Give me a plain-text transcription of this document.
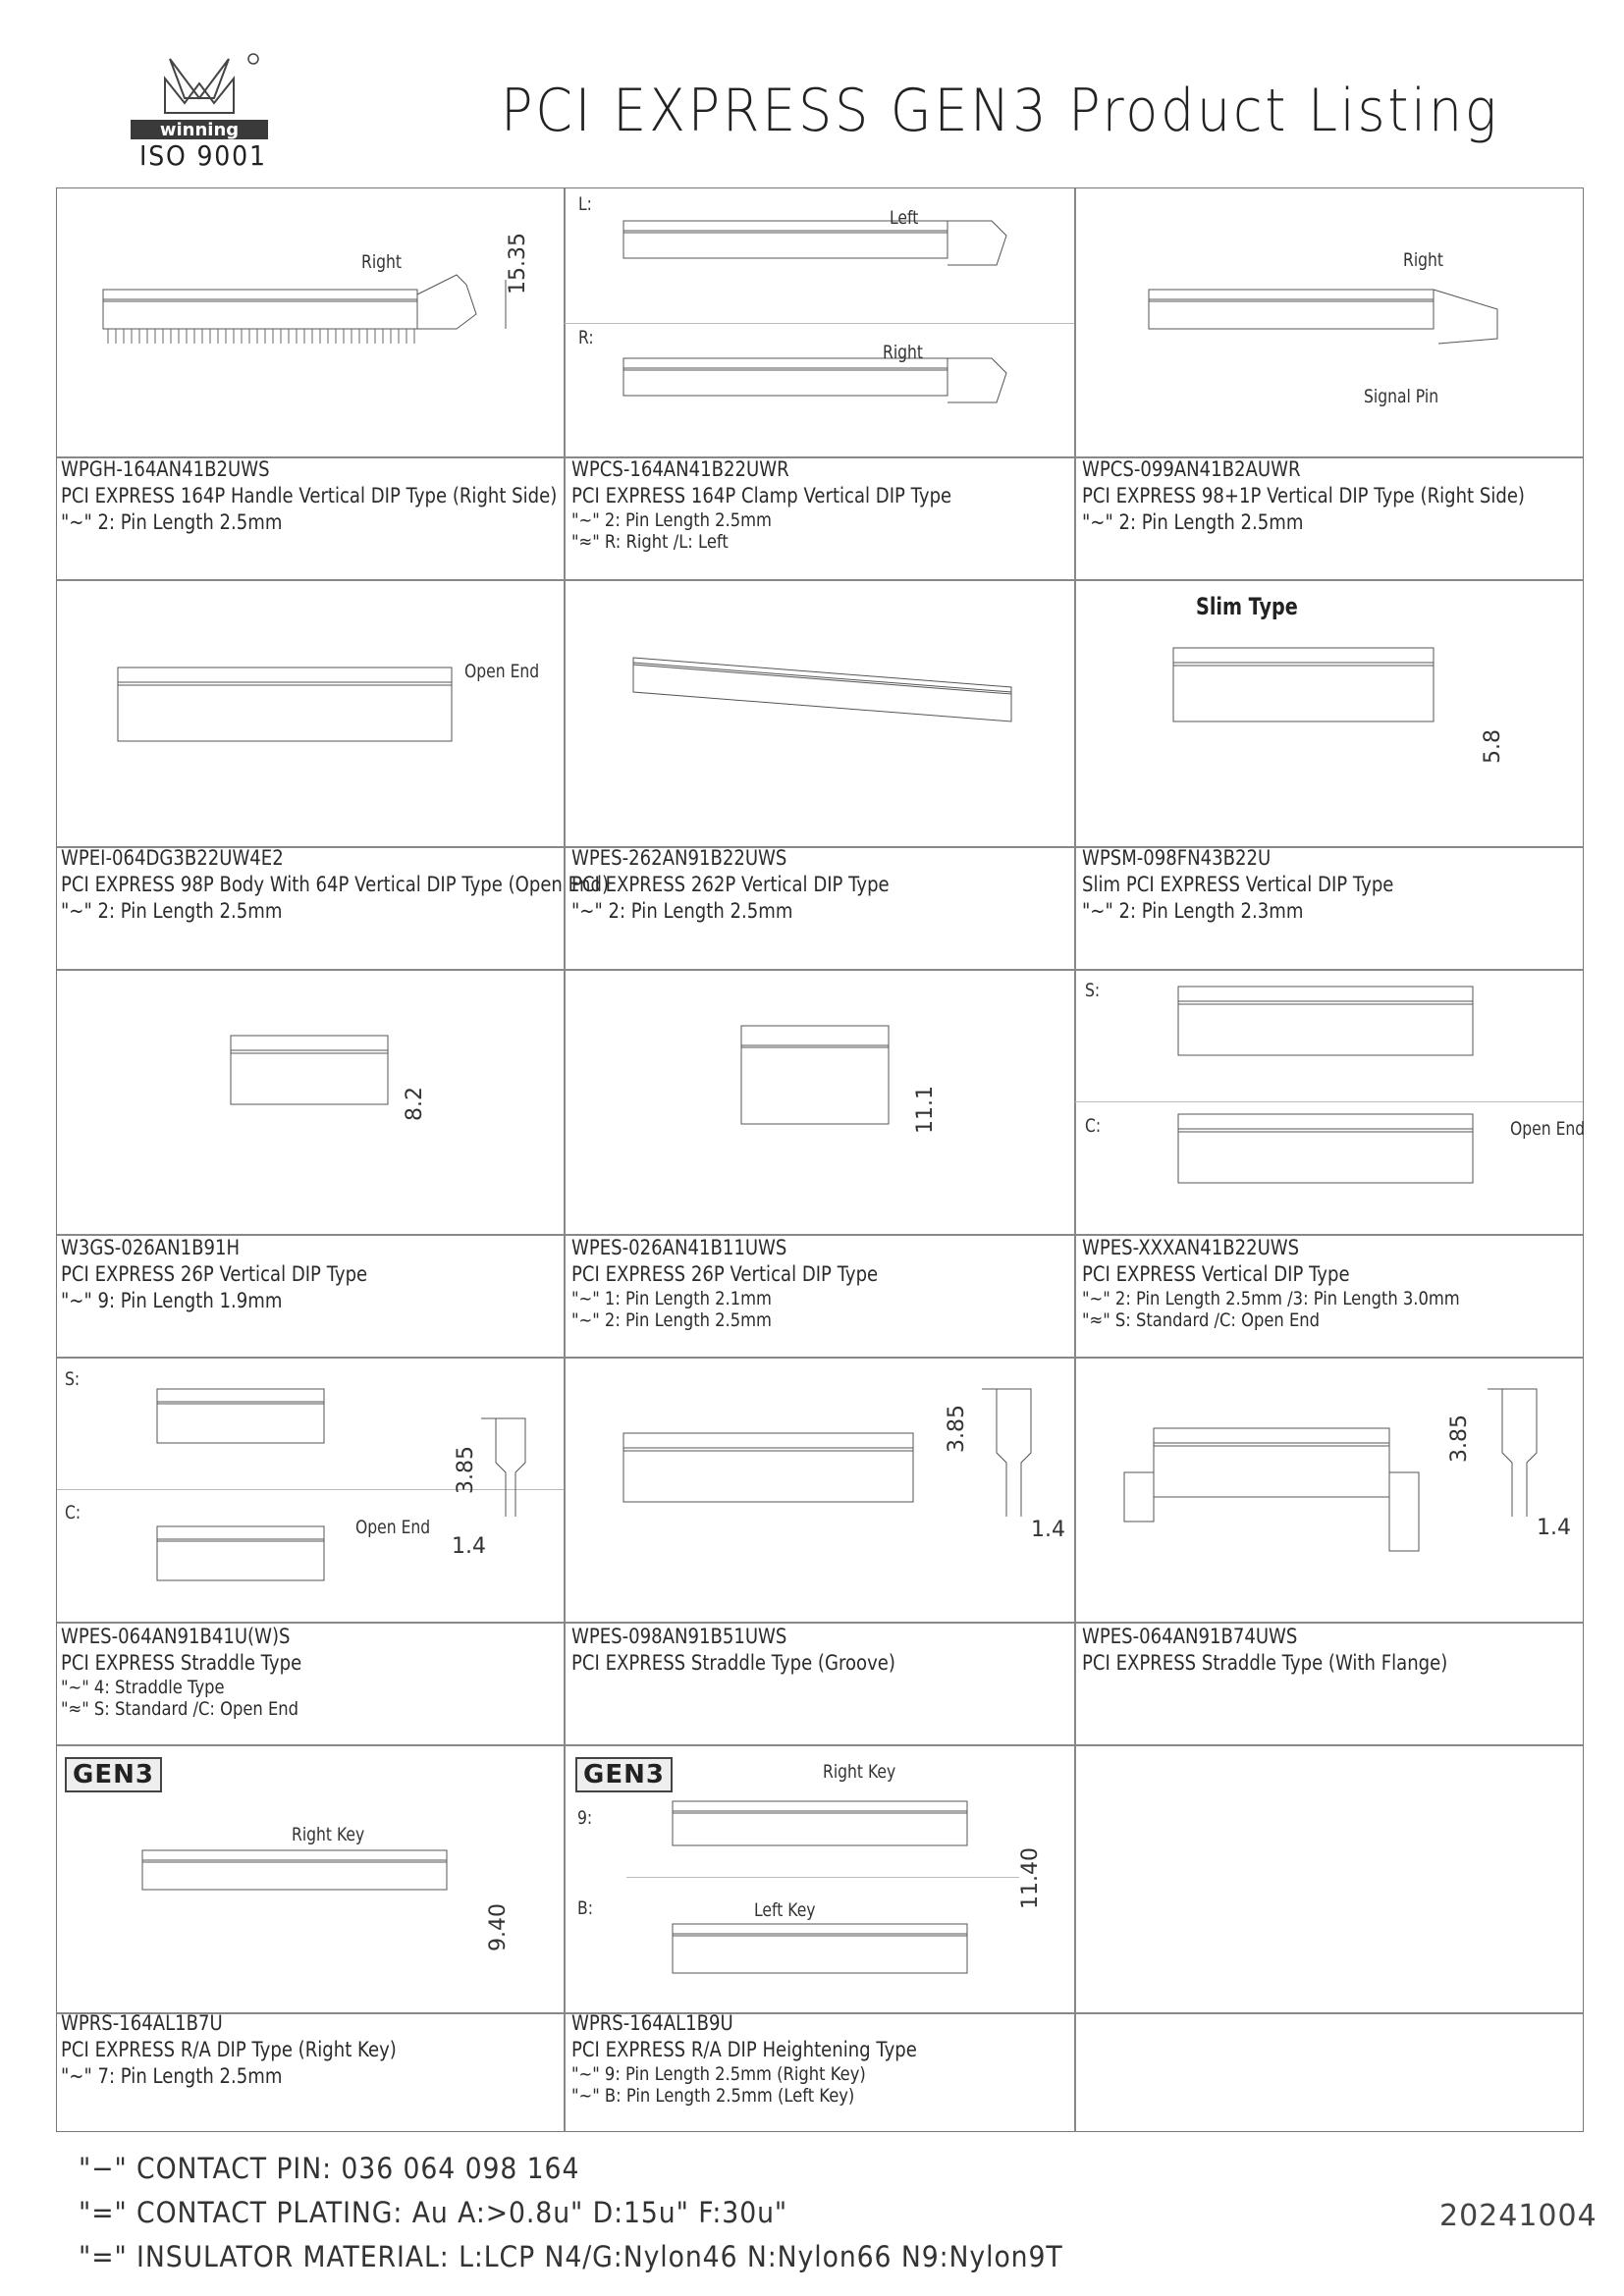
winning
ISO 9001
PCI EXPRESS GEN3 Product Listing
Right	15.35
L:
Left
R:
Right
Right
Signal Pin
Open End
Slim Type
5.8
8.2	11.1
S:
C:	Open End
S:
C:
Open End
3.85
1.4
3.85
1.4
3.85
1.4
GEN3
Right Key
9.40
GEN3	Right Key
9:
B:	Left Key
11.40
WPGH-164AN41B2UWS
PCI EXPRESS 164P Handle Vertical DIP Type (Right Side)
"~" 2: Pin Length 2.5mm
WPCS-164AN41B22UWR
PCI EXPRESS 164P Clamp Vertical DIP Type
"~" 2: Pin Length 2.5mm
"≈" R: Right /L: Left
WPCS-099AN41B2AUWR
PCI EXPRESS 98+1P Vertical DIP Type (Right Side)
"~" 2: Pin Length 2.5mm
WPEI-064DG3B22UW4E2
PCI EXPRESS 98P Body With 64P Vertical DIP Type (Open End)
"~" 2: Pin Length 2.5mm
WPES-262AN91B22UWS
PCI EXPRESS 262P Vertical DIP Type
"~" 2: Pin Length 2.5mm
WPSM-098FN43B22U
Slim PCI EXPRESS Vertical DIP Type
"~" 2: Pin Length 2.3mm
W3GS-026AN1B91H
PCI EXPRESS 26P Vertical DIP Type
"~" 9: Pin Length 1.9mm
WPES-026AN41B11UWS
PCI EXPRESS 26P Vertical DIP Type
"~" 1: Pin Length 2.1mm
"~" 2: Pin Length 2.5mm
WPES-XXXAN41B22UWS
PCI EXPRESS Vertical DIP Type
"~" 2: Pin Length 2.5mm /3: Pin Length 3.0mm
"≈" S: Standard /C: Open End
WPES-064AN91B41U(W)S
PCI EXPRESS Straddle Type
"~" 4: Straddle Type
"≈" S: Standard /C: Open End
WPES-098AN91B51UWS
PCI EXPRESS Straddle Type (Groove)
WPES-064AN91B74UWS
PCI EXPRESS Straddle Type (With Flange)
WPRS-164AL1B7U
PCI EXPRESS R/A DIP Type (Right Key)
"~" 7: Pin Length 2.5mm
WPRS-164AL1B9U
PCI EXPRESS R/A DIP Heightening Type
"~" 9: Pin Length 2.5mm (Right Key)
"~" B: Pin Length 2.5mm (Left Key)
"−" CONTACT PIN: 036 064 098 164
"=" CONTACT PLATING: Au A:>0.8u" D:15u" F:30u"
"=" INSULATOR MATERIAL: L:LCP N4/G:Nylon46 N:Nylon66 N9:Nylon9T
20241004
